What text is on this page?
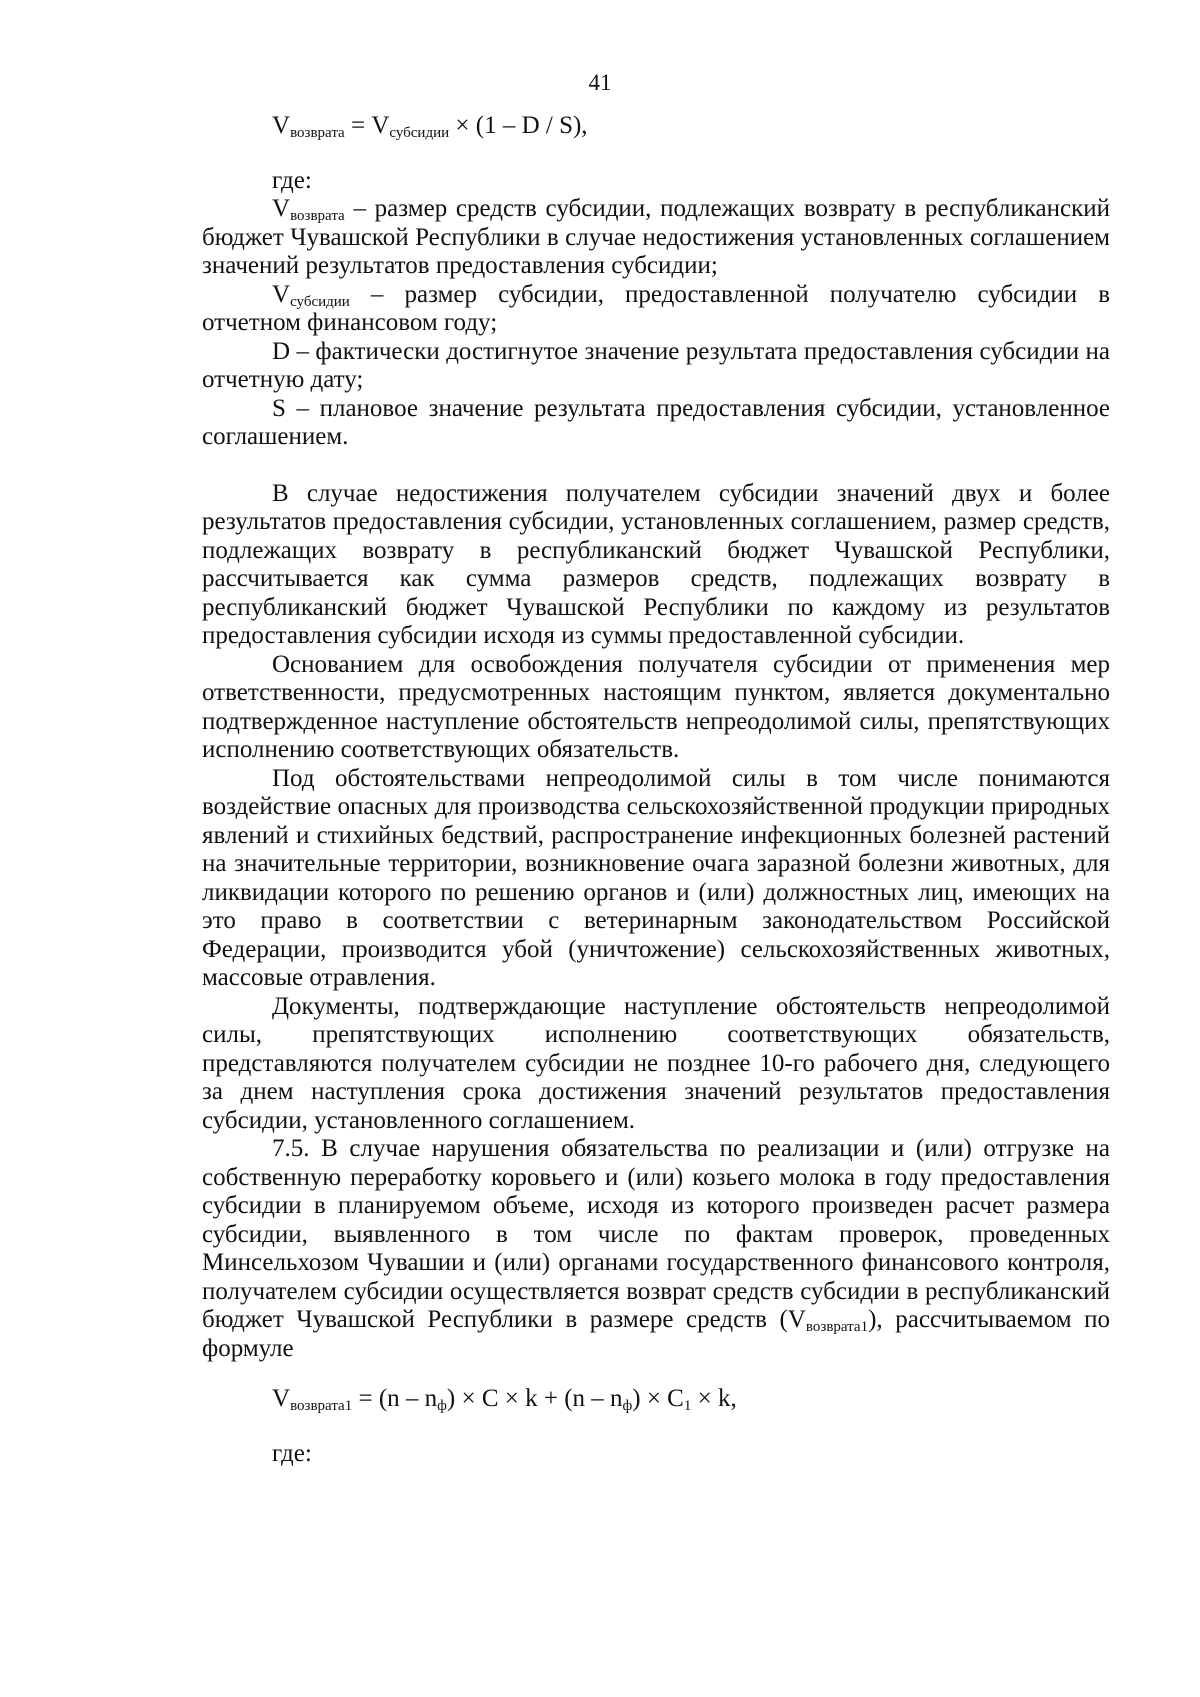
41

$V_{возврата} = V_{субсидии} \times (1 - D / S)$,

где:

$V_{возврата}$ – размер средств субсидии, подлежащих возврату в республиканский бюджет Чувашской Республики в случае недостижения установленных соглашением значений результатов предоставления субсидии;

$V_{субсидии}$ – размер субсидии, предоставленной получателю субсидии в отчетном финансовом году;

D – фактически достигнутое значение результата предоставления субсидии на отчетную дату;

S – плановое значение результата предоставления субсидии, установленное соглашением.

В случае недостижения получателем субсидии значений двух и более результатов предоставления субсидии, установленных соглашением, размер средств, подлежащих возврату в республиканский бюджет Чувашской Республики, рассчитывается как сумма размеров средств, подлежащих возврату в республиканский бюджет Чувашской Республики по каждому из результатов предоставления субсидии исходя из суммы предоставленной субсидии.

Основанием для освобождения получателя субсидии от применения мер ответственности, предусмотренных настоящим пунктом, является документально подтвержденное наступление обстоятельств непреодолимой силы, препятствующих исполнению соответствующих обязательств.

Под обстоятельствами непреодолимой силы в том числе понимаются воздействие опасных для производства сельскохозяйственной продукции природных явлений и стихийных бедствий, распространение инфекционных болезней растений на значительные территории, возникновение очага заразной болезни животных, для ликвидации которого по решению органов и (или) должностных лиц, имеющих на это право в соответствии с ветеринарным законодательством Российской Федерации, производится убой (уничтожение) сельскохозяйственных животных, массовые отравления.

Документы, подтверждающие наступление обстоятельств непреодолимой силы, препятствующих исполнению соответствующих обязательств, представляются получателем субсидии не позднее 10-го рабочего дня, следующего за днем наступления срока достижения значений результатов предоставления субсидии, установленного соглашением.

7.5. В случае нарушения обязательства по реализации и (или) отгрузке на собственную переработку коровьего и (или) козьего молока в году предоставления субсидии в планируемом объеме, исходя из которого произведен расчет размера субсидии, выявленного в том числе по фактам проверок, проведенных Минсельхозом Чувашии и (или) органами государственного финансового контроля, получателем субсидии осуществляется возврат средств субсидии в республиканский бюджет Чувашской Республики в размере средств $(V_{возврата1})$, рассчитываемом по формуле

$V_{возврата1} = (n - n_ф) \times C \times k + (n - n_ф) \times C_1 \times k$,

где:
